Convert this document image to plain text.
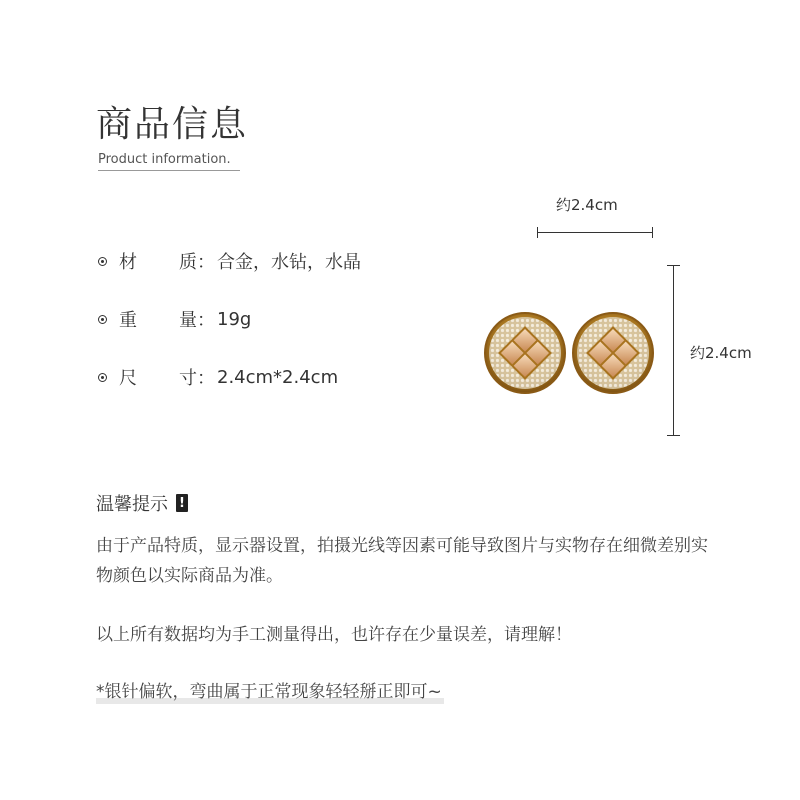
商品信息
Product information.
材 质： 合金，水钻，水晶
重 量： 19g
尺 寸： 2.4cm*2.4cm
约2.4cm
约2.4cm
温馨提示 !
由于产品特质，显示器设置，拍摄光线等因素可能导致图片与实物存在细微差别实物颜色以实际商品为准。
以上所有数据均为手工测量得出，也许存在少量误差，请理解！
*银针偏软，弯曲属于正常现象轻轻掰正即可~
